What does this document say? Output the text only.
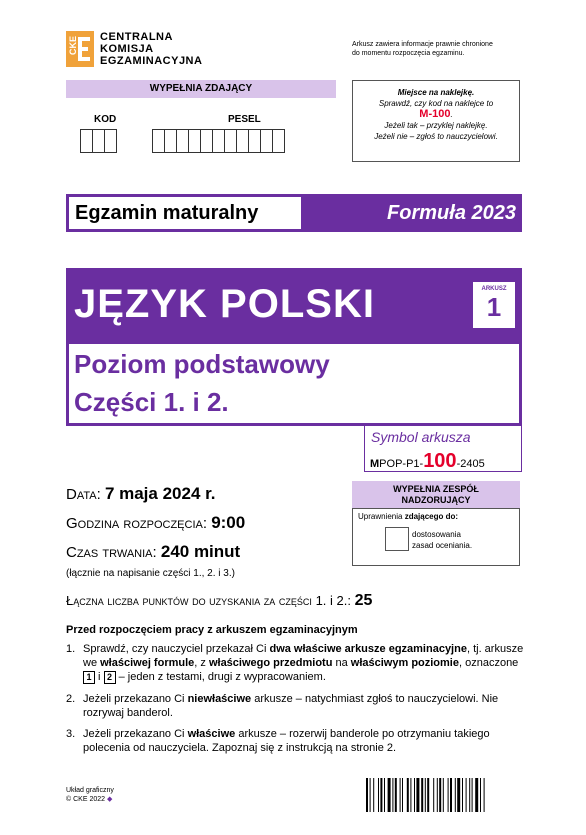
CKE CENTRALNA
KOMISJA
EGZAMINACYJNA
Arkusz zawiera informacje prawnie chronione
do momentu rozpoczęcia egzaminu.
WYPEŁNIA ZDAJĄCY
KOD	PESEL
Miejsce na naklejkę.
Sprawdź, czy kod na naklejce to
M-100.
Jeżeli tak – przyklej naklejkę.
Jeżeli nie – zgłoś to nauczycielowi.
Egzamin maturalny	Formuła 2023
JĘZYK POLSKI	ARKUSZ
1
Poziom podstawowy
Części 1. i 2.
Symbol arkusza
MPOP-P1-100-2405
Data: 7 maja 2024 r.
Godzina rozpoczęcia: 9:00
Czas trwania: 240 minut
(łącznie na napisanie części 1., 2. i 3.)
WYPEŁNIA ZESPÓŁ
NADZORUJĄCY
Uprawnienia zdającego do:
dostosowania
zasad oceniania.
Łączna liczba punktów do uzyskania za części 1. i 2.: 25
Przed rozpoczęciem pracy z arkuszem egzaminacyjnym
1. Sprawdź, czy nauczyciel przekazał Ci dwa właściwe arkusze egzaminacyjne, tj. arkusze we właściwej formule, z właściwego przedmiotu na właściwym poziomie, oznaczone 1 i 2 – jeden z testami, drugi z wypracowaniem.
2. Jeżeli przekazano Ci niewłaściwe arkusze – natychmiast zgłoś to nauczycielowi. Nie rozrywaj banderol.
3. Jeżeli przekazano Ci właściwe arkusze – rozerwij banderole po otrzymaniu takiego polecenia od nauczyciela. Zapoznaj się z instrukcją na stronie 2.
Układ graficzny
© CKE 2022 ◆
